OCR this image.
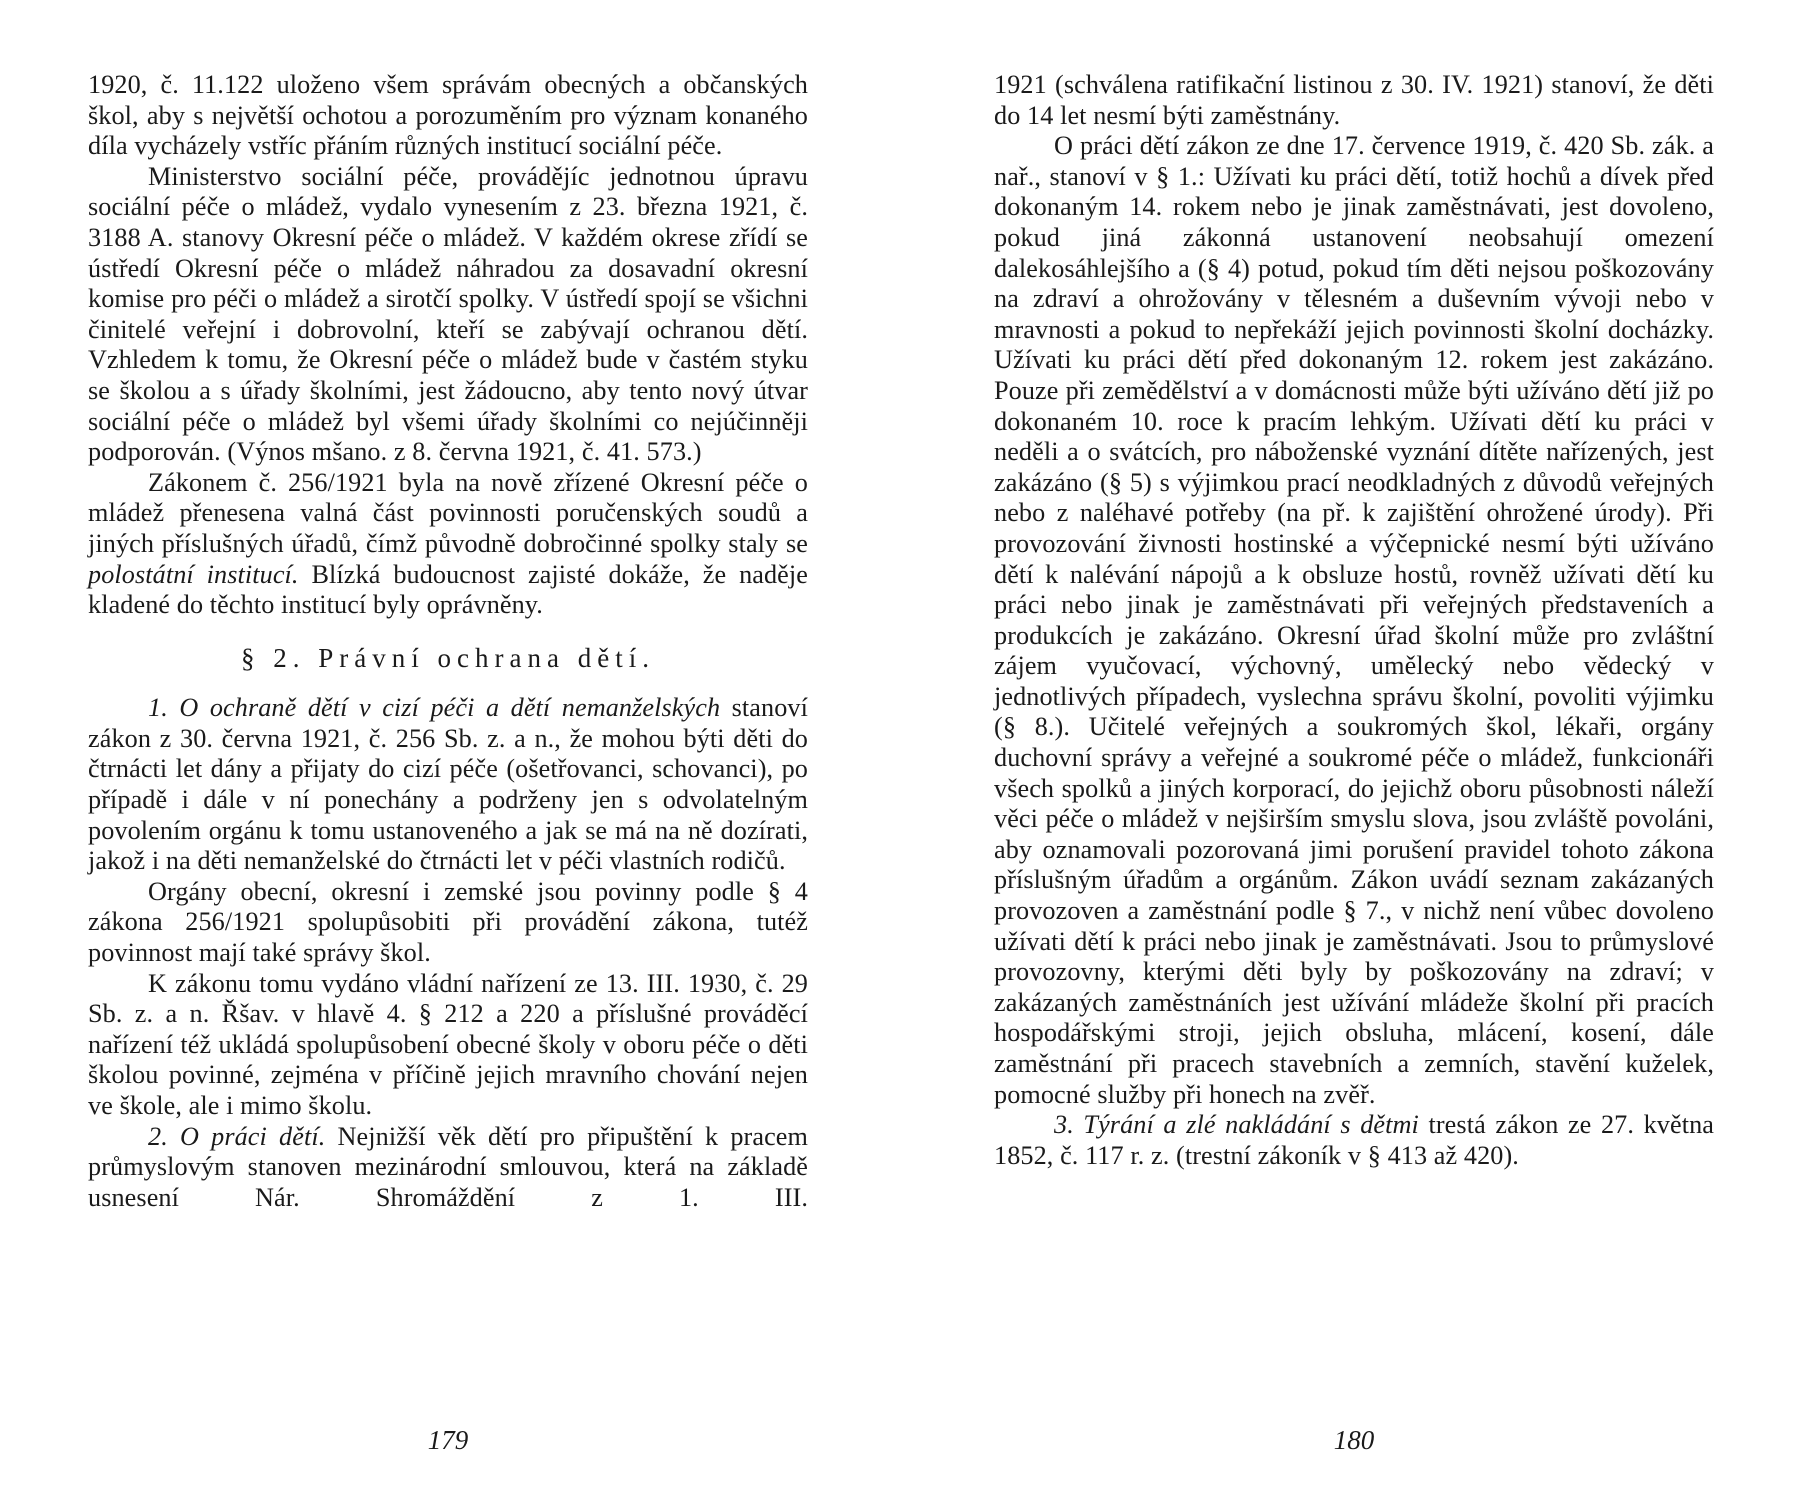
1920, č. 11.122 uloženo všem správám obecných a občanských škol, aby s největší ochotou a porozuměním pro význam konaného díla vycházely vstříc přáním různých institucí sociální péče.

Ministerstvo sociální péče, provádějíc jednotnou úpravu sociální péče o mládež, vydalo vynesením z 23. března 1921, č. 3188 A. stanovy Okresní péče o mládež. V každém okrese zřídí se ústředí Okresní péče o mládež náhradou za dosavadní okresní komise pro péči o mládež a sirotčí spolky. V ústředí spojí se všichni činitelé veřejní i dobrovolní, kteří se zabývají ochranou dětí. Vzhledem k tomu, že Okresní péče o mládež bude v častém styku se školou a s úřady školními, jest žádoucno, aby tento nový útvar sociální péče o mládež byl všemi úřady školními co nejúčinněji podporován. (Výnos mšano. z 8. června 1921, č. 41. 573.)

Zákonem č. 256/1921 byla na nově zřízené Okresní péče o mládež přenesena valná část povinnosti poručenských soudů a jiných příslušných úřadů, čímž původně dobročinné spolky staly se polostátní institucí. Blízká budoucnost zajisté dokáže, že naděje kladené do těchto institucí byly oprávněny.

§ 2. Právní ochrana dětí.

1. O ochraně dětí v cizí péči a dětí nemanželských stanoví zákon z 30. června 1921, č. 256 Sb. z. a n., že mohou býti děti do čtrnácti let dány a přijaty do cizí péče (ošetřovanci, schovanci), po případě i dále v ní ponechány a podrženy jen s odvolatelným povolením orgánu k tomu ustanoveného a jak se má na ně dozírati, jakož i na děti nemanželské do čtrnácti let v péči vlastních rodičů.

Orgány obecní, okresní i zemské jsou povinny podle § 4 zákona 256/1921 spolupůsobiti při provádění zákona, tutéž povinnost mají také správy škol.

K zákonu tomu vydáno vládní nařízení ze 13. III. 1930, č. 29 Sb. z. a n. Řšav. v hlavě 4. § 212 a 220 a příslušné prováděcí nařízení též ukládá spolupůsobení obecné školy v oboru péče o děti školou povinné, zejména v příčině jejich mravního chování nejen ve škole, ale i mimo školu.

2. O práci dětí. Nejnižší věk dětí pro připuštění k pracem průmyslovým stanoven mezinárodní smlouvou, která na základě usnesení Nár. Shromáždění z 1. III.

179

1921 (schválena ratifikační listinou z 30. IV. 1921) stanoví, že děti do 14 let nesmí býti zaměstnány.

O práci dětí zákon ze dne 17. července 1919, č. 420 Sb. zák. a nař., stanoví v § 1.: Užívati ku práci dětí, totiž hochů a dívek před dokonaným 14. rokem nebo je jinak zaměstnávati, jest dovoleno, pokud jiná zákonná ustanovení neobsahují omezení dalekosáhlejšího a (§ 4) potud, pokud tím děti nejsou poškozovány na zdraví a ohrožovány v tělesném a duševním vývoji nebo v mravnosti a pokud to nepřekáží jejich povinnosti školní docházky. Užívati ku práci dětí před dokonaným 12. rokem jest zakázáno. Pouze při zemědělství a v domácnosti může býti užíváno dětí již po dokonaném 10. roce k pracím lehkým. Užívati dětí ku práci v neděli a o svátcích, pro náboženské vyznání dítěte nařízených, jest zakázáno (§ 5) s výjimkou prací neodkladných z důvodů veřejných nebo z naléhavé potřeby (na př. k zajištění ohrožené úrody). Při provozování živnosti hostinské a výčepnické nesmí býti užíváno dětí k nalévání nápojů a k obsluze hostů, rovněž užívati dětí ku práci nebo jinak je zaměstnávati při veřejných představeních a produkcích je zakázáno. Okresní úřad školní může pro zvláštní zájem vyučovací, výchovný, umělecký nebo vědecký v jednotlivých případech, vyslechna správu školní, povoliti výjimku (§ 8.). Učitelé veřejných a soukromých škol, lékaři, orgány duchovní správy a veřejné a soukromé péče o mládež, funkcionáři všech spolků a jiných korporací, do jejichž oboru působnosti náleží věci péče o mládež v nejširším smyslu slova, jsou zvláště povoláni, aby oznamovali pozorovaná jimi porušení pravidel tohoto zákona příslušným úřadům a orgánům. Zákon uvádí seznam zakázaných provozoven a zaměstnání podle § 7., v nichž není vůbec dovoleno užívati dětí k práci nebo jinak je zaměstnávati. Jsou to průmyslové provozovny, kterými děti byly by poškozovány na zdraví; v zakázaných zaměstnáních jest užívání mládeže školní při pracích hospodářskými stroji, jejich obsluha, mlácení, kosení, dále zaměstnání při pracech stavebních a zemních, stavění kuželek, pomocné služby při honech na zvěř.

3. Týrání a zlé nakládání s dětmi trestá zákon ze 27. května 1852, č. 117 r. z. (trestní zákoník v § 413 až 420).

180
